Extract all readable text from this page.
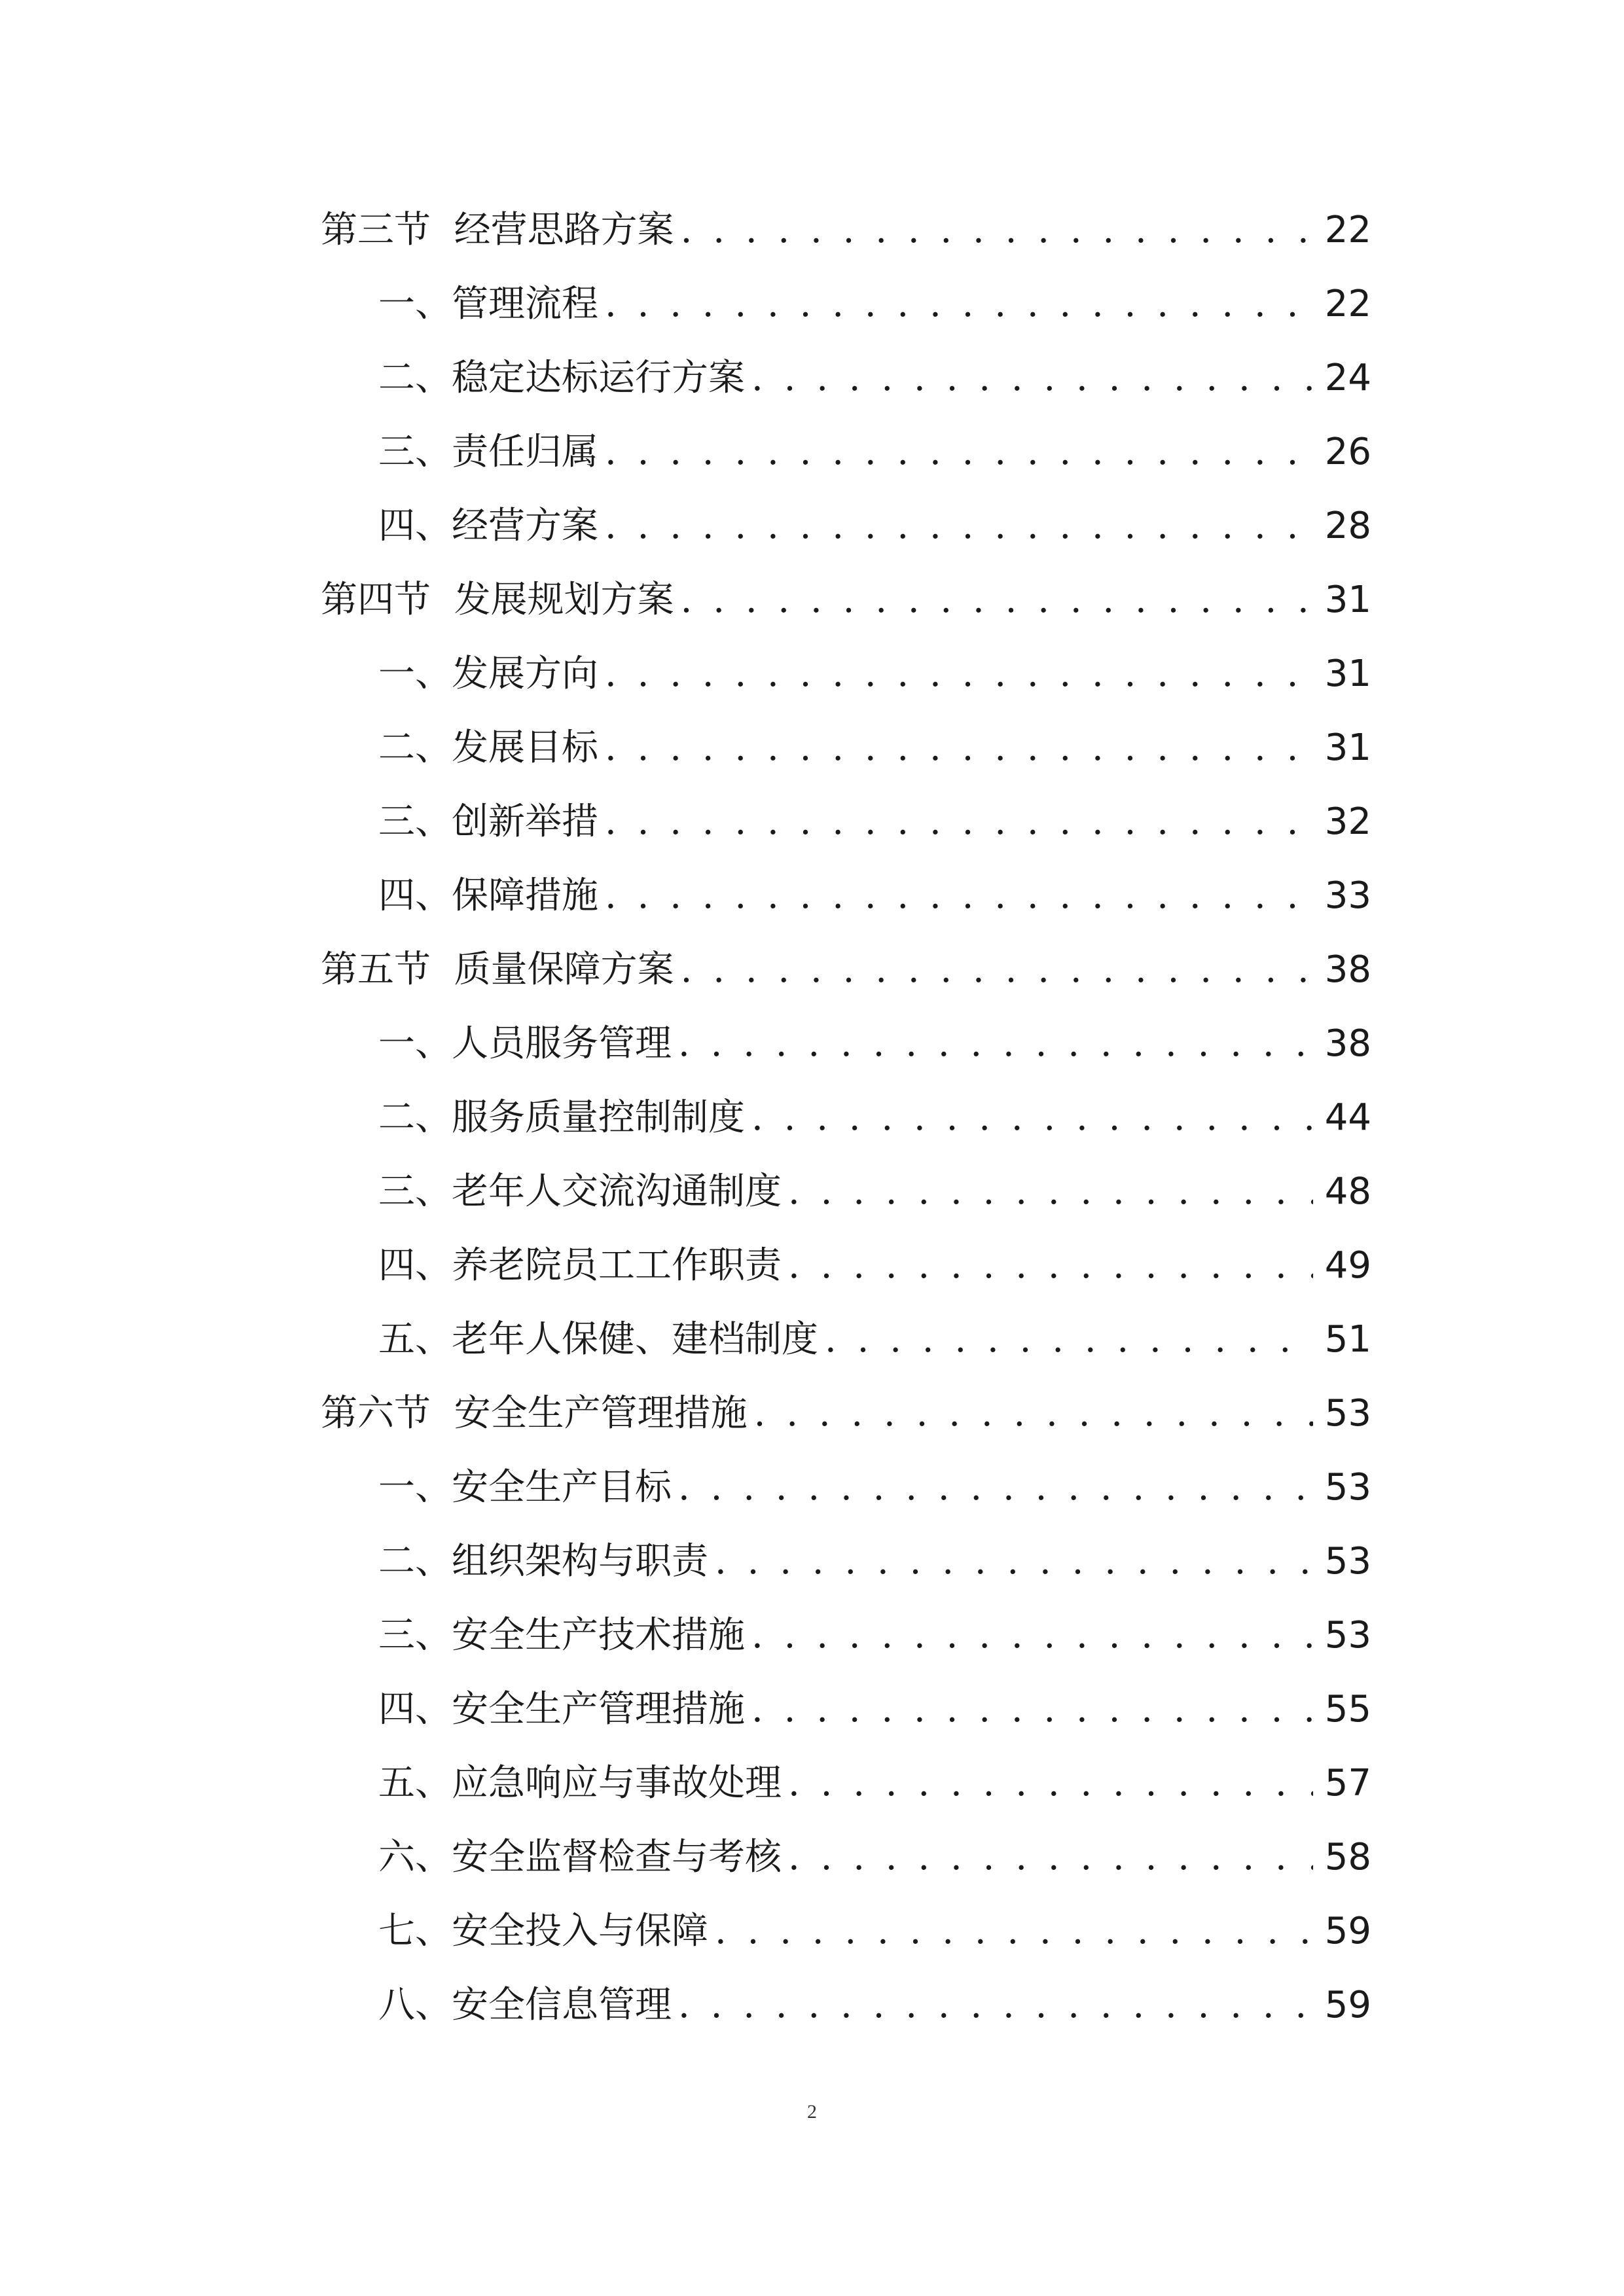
第三节  经营思路方案 . . .	22
一、管理流程 . . .	22
二、稳定达标运行方案 . . .	24
三、责任归属 . . .	26
四、经营方案 . . .	28
第四节  发展规划方案 . . .	31
一、发展方向 . . .	31
二、发展目标 . . .	31
三、创新举措 . . .	32
四、保障措施 . . .	33
第五节  质量保障方案 . . .	38
一、人员服务管理 . . .	38
二、服务质量控制制度 . . .	44
三、老年人交流沟通制度 . . .	48
四、养老院员工工作职责 . . .	49
五、老年人保健、建档制度 . . .	51
第六节  安全生产管理措施 . . .	53
一、安全生产目标 . . .	53
二、组织架构与职责 . . .	53
三、安全生产技术措施 . . .	53
四、安全生产管理措施 . . .	55
五、应急响应与事故处理 . . .	57
六、安全监督检查与考核 . . .	58
七、安全投入与保障 . . .	59
八、安全信息管理 . . .	59
2
